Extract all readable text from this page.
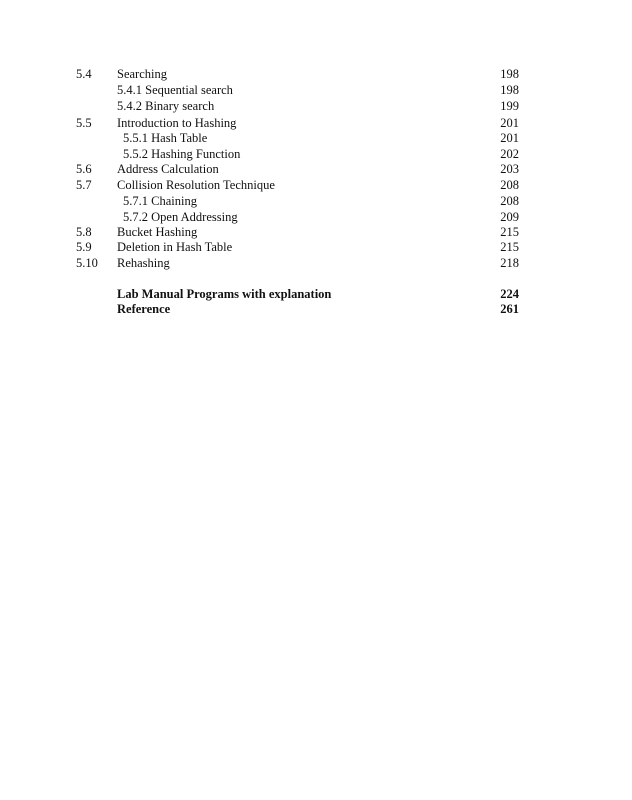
5.4 Searching	198
5.4.1 Sequential search	198
5.4.2 Binary search	199
5.5 Introduction to Hashing	201
5.5.1 Hash Table	201
5.5.2 Hashing Function	202
5.6 Address Calculation	203
5.7 Collision Resolution Technique	208
5.7.1 Chaining	208
5.7.2 Open Addressing	209
5.8 Bucket Hashing	215
5.9 Deletion in Hash Table	215
5.10 Rehashing	218
Lab Manual Programs with explanation	224
Reference	261
